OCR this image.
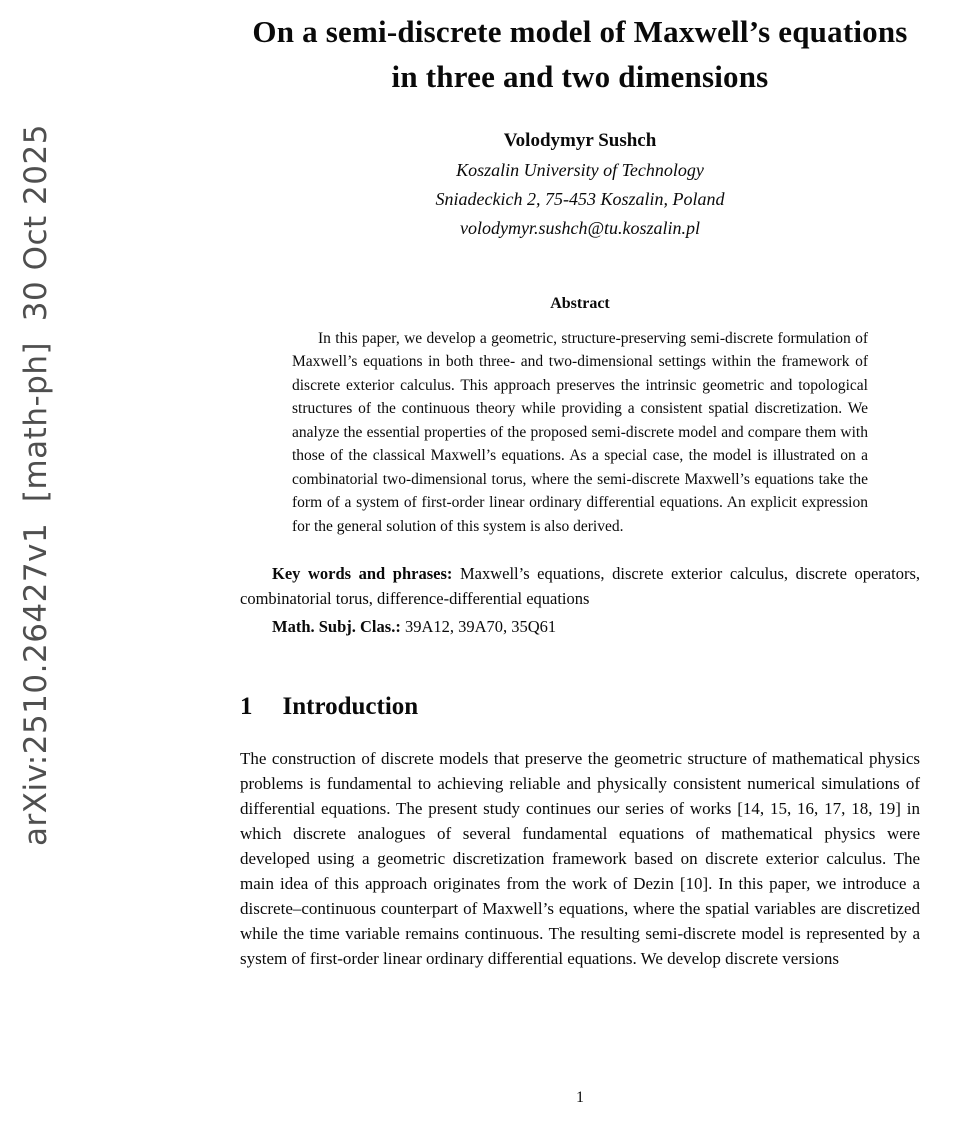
arXiv:2510.26427v1  [math-ph]  30 Oct 2025
On a semi-discrete model of Maxwell’s equations in three and two dimensions
Volodymyr Sushch
Koszalin University of Technology
Sniadeckich 2, 75-453 Koszalin, Poland
volodymyr.sushch@tu.koszalin.pl
Abstract

In this paper, we develop a geometric, structure-preserving semi-discrete formulation of Maxwell’s equations in both three- and two-dimensional settings within the framework of discrete exterior calculus. This approach preserves the intrinsic geometric and topological structures of the continuous theory while providing a consistent spatial discretization. We analyze the essential properties of the proposed semi-discrete model and compare them with those of the classical Maxwell’s equations. As a special case, the model is illustrated on a combinatorial two-dimensional torus, where the semi-discrete Maxwell’s equations take the form of a system of first-order linear ordinary differential equations. An explicit expression for the general solution of this system is also derived.

Key words and phrases: Maxwell’s equations, discrete exterior calculus, discrete operators, combinatorial torus, difference-differential equations

Math. Subj. Clas.: 39A12, 39A70, 35Q61

1 Introduction

The construction of discrete models that preserve the geometric structure of mathematical physics problems is fundamental to achieving reliable and physically consistent numerical simulations of differential equations. The present study continues our series of works [14, 15, 16, 17, 18, 19] in which discrete analogues of several fundamental equations of mathematical physics were developed using a geometric discretization framework based on discrete exterior calculus. The main idea of this approach originates from the work of Dezin [10]. In this paper, we introduce a discrete–continuous counterpart of Maxwell’s equations, where the spatial variables are discretized while the time variable remains continuous. The resulting semi-discrete model is represented by a system of first-order linear ordinary differential equations. We develop discrete versions

1
